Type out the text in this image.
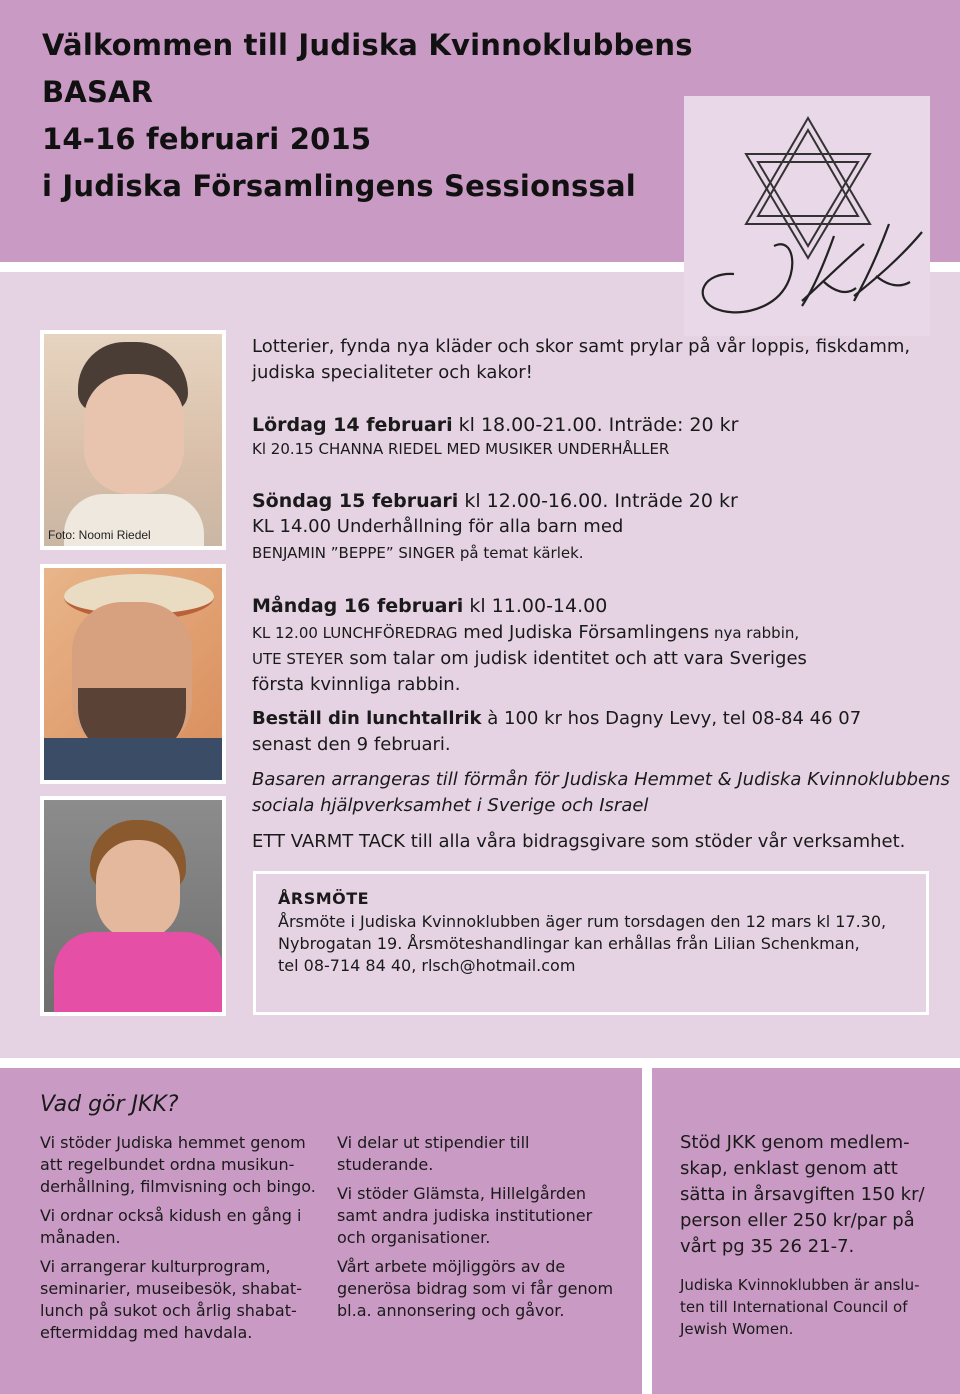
Välkommen till Judiska Kvinnoklubbens
BASAR
14-16 februari 2015
i Judiska Församlingens Sessionssal
Foto: Noomi Riedel
Lotterier, fynda nya kläder och skor samt prylar på vår loppis, fiskdamm,
judiska specialiteter och kakor!
Lördag 14 februari kl 18.00-21.00. Inträde: 20 kr
Kl 20.15 CHANNA RIEDEL MED MUSIKER UNDERHÅLLER
Söndag 15 februari kl 12.00-16.00. Inträde 20 kr
KL 14.00 Underhållning för alla barn med
BENJAMIN ”BEPPE” SINGER på temat kärlek.
Måndag 16 februari kl 11.00-14.00
KL 12.00 LUNCHFÖREDRAG med Judiska Församlingens nya rabbin,
UTE STEYER som talar om judisk identitet och att vara Sveriges
första kvinnliga rabbin.
Beställ din lunchtallrik à 100 kr hos Dagny Levy, tel 08-84 46 07
senast den 9 februari.
Basaren arrangeras till förmån för Judiska Hemmet & Judiska Kvinnoklubbens
sociala hjälpverksamhet i Sverige och Israel
ETT VARMT TACK till alla våra bidragsgivare som stöder vår verksamhet.
ÅRSMÖTE
Årsmöte i Judiska Kvinnoklubben äger rum torsdagen den 12 mars kl 17.30,
Nybrogatan 19. Årsmöteshandlingar kan erhållas från Lilian Schenkman,
tel 08-714 84 40, rlsch@hotmail.com
Vad gör JKK?
Vi stöder Judiska hemmet genom
att regelbundet ordna musikun-
derhållning, filmvisning och bingo.
Vi ordnar också kidush en gång i
månaden.
Vi arrangerar kulturprogram,
seminarier, museibesök, shabat-
lunch på sukot och årlig shabat-
eftermiddag med havdala.
Vi delar ut stipendier till
studerande.
Vi stöder Glämsta, Hillelgården
samt andra judiska institutioner
och organisationer.
Vårt arbete möjliggörs av de
generösa bidrag som vi får genom
bl.a. annonsering och gåvor.
Stöd JKK genom medlem-
skap, enklast genom att
sätta in årsavgiften 150 kr/
person eller 250 kr/par på
vårt pg 35 26 21-7.
Judiska Kvinnoklubben är anslu-
ten till International Council of
Jewish Women.
